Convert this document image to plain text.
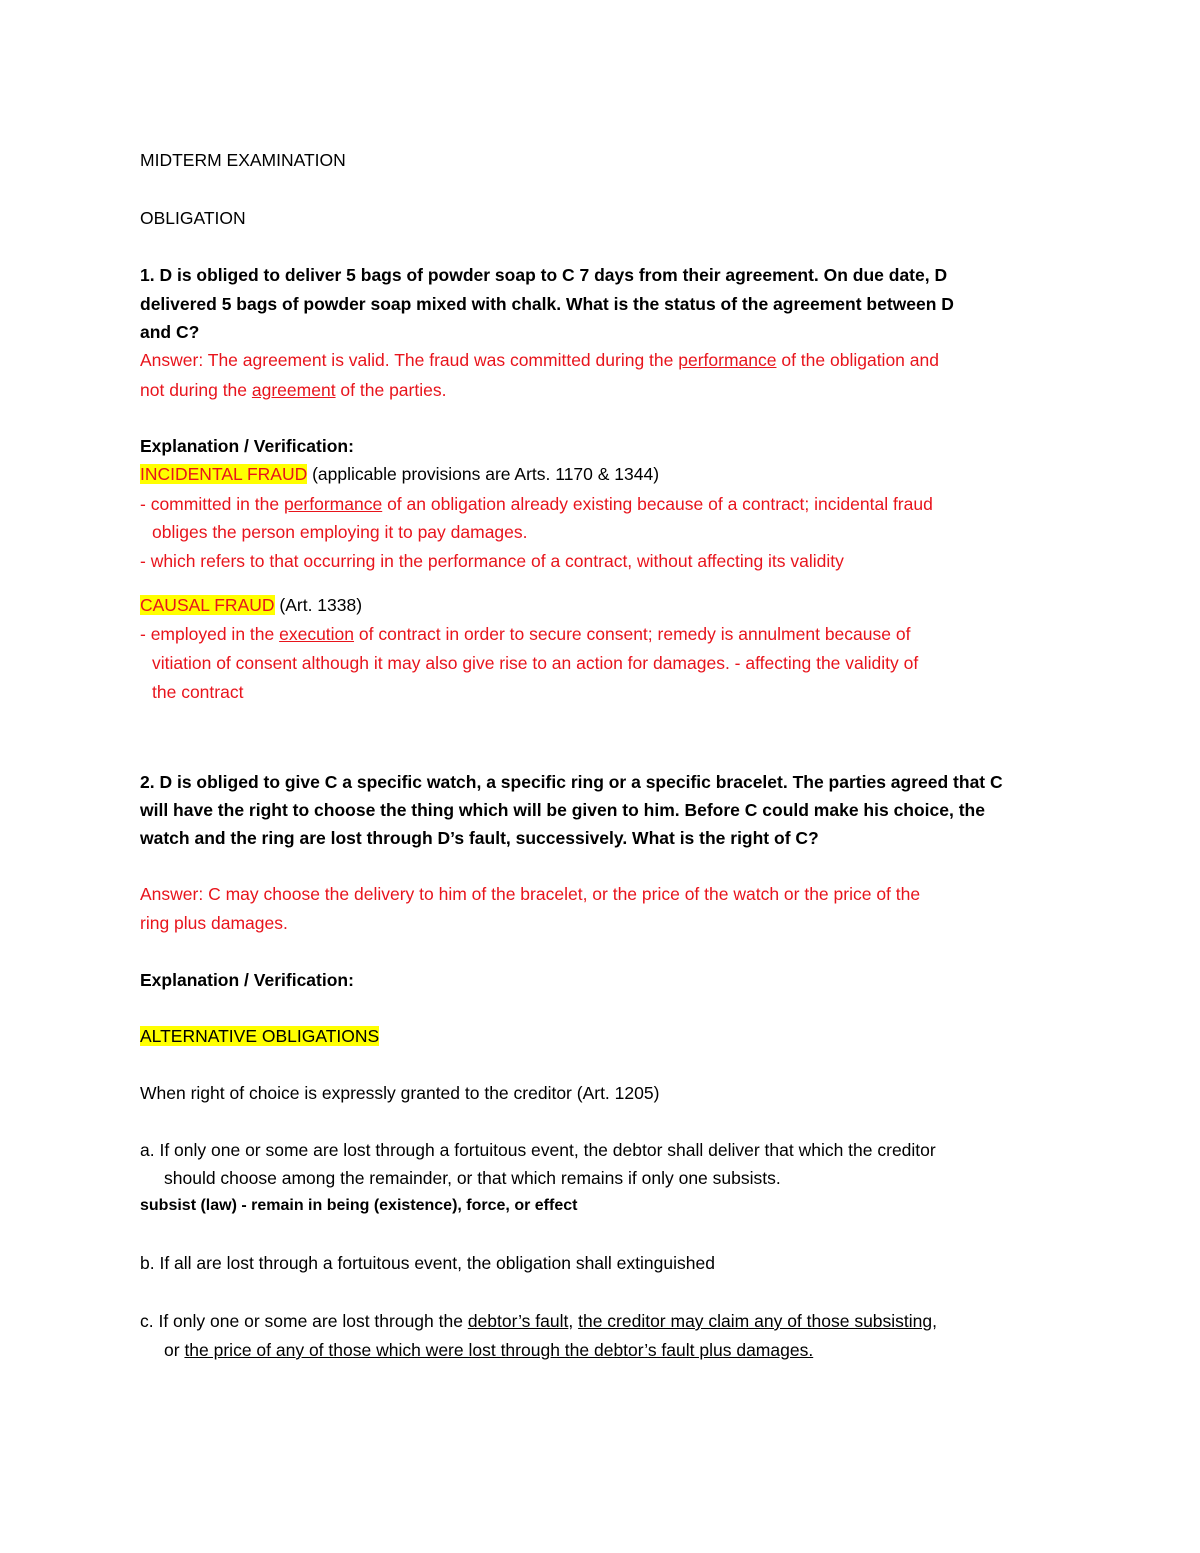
MIDTERM EXAMINATION
OBLIGATION
1. D is obliged to deliver 5 bags of powder soap to C 7 days from their agreement. On due date, D
delivered 5 bags of powder soap mixed with chalk. What is the status of the agreement between D
and C?
Answer: The agreement is valid. The fraud was committed during the performance of the obligation and
not during the agreement of the parties.
Explanation / Verification:
INCIDENTAL FRAUD (applicable provisions are Arts. 1170 & 1344)
- committed in the performance of an obligation already existing because of a contract; incidental fraud
obliges the person employing it to pay damages.
- which refers to that occurring in the performance of a contract, without affecting its validity
CAUSAL FRAUD (Art. 1338)
- employed in the execution of contract in order to secure consent; remedy is annulment because of
vitiation of consent although it may also give rise to an action for damages. - affecting the validity of
the contract
2. D is obliged to give C a specific watch, a specific ring or a specific bracelet. The parties agreed that C
will have the right to choose the thing which will be given to him. Before C could make his choice, the
watch and the ring are lost through D’s fault, successively. What is the right of C?
Answer: C may choose the delivery to him of the bracelet, or the price of the watch or the price of the
ring plus damages.
Explanation / Verification:
ALTERNATIVE OBLIGATIONS
When right of choice is expressly granted to the creditor (Art. 1205)
a. If only one or some are lost through a fortuitous event, the debtor shall deliver that which the creditor
should choose among the remainder, or that which remains if only one subsists.
subsist (law) - remain in being (existence), force, or effect
b. If all are lost through a fortuitous event, the obligation shall extinguished
c. If only one or some are lost through the debtor’s fault, the creditor may claim any of those subsisting,
or the price of any of those which were lost through the debtor’s fault plus damages.
